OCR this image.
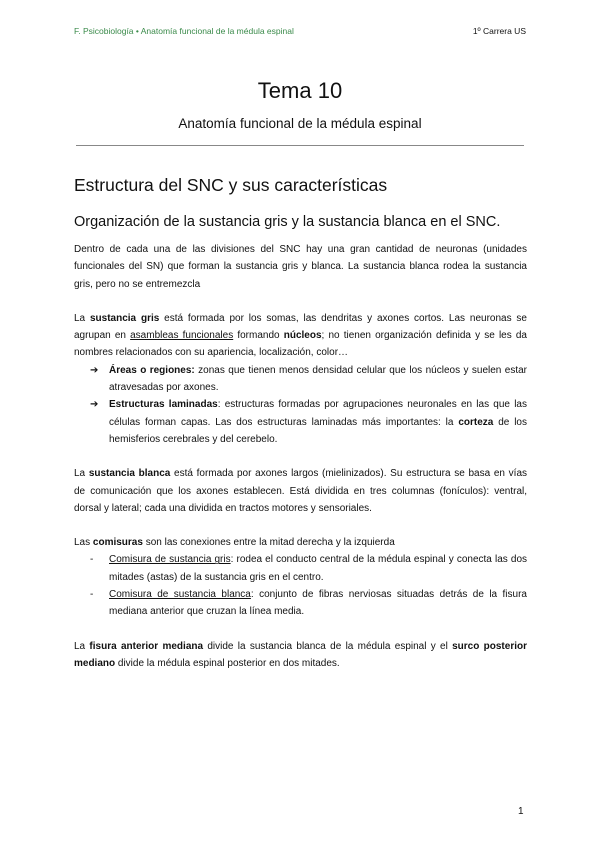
F. Psicobiología • Anatomía funcional de la médula espinal	1º Carrera US
Tema 10
Anatomía funcional de la médula espinal
Estructura del SNC y sus características
Organización de la sustancia gris y la sustancia blanca en el SNC.

Dentro de cada una de las divisiones del SNC hay una gran cantidad de neuronas (unidades funcionales del SN) que forman la sustancia gris y blanca. La sustancia blanca rodea la sustancia gris, pero no se entremezcla

La sustancia gris está formada por los somas, las dendritas y axones cortos. Las neuronas se agrupan en asambleas funcionales formando núcleos; no tienen organización definida y se les da nombres relacionados con su apariencia, localización, color…

➔ Áreas o regiones: zonas que tienen menos densidad celular que los núcleos y suelen estar atravesadas por axones.
➔ Estructuras laminadas: estructuras formadas por agrupaciones neuronales en las que las células forman capas. Las dos estructuras laminadas más importantes: la corteza de los hemisferios cerebrales y del cerebelo.

La sustancia blanca está formada por axones largos (mielinizados). Su estructura se basa en vías de comunicación que los axones establecen. Está dividida en tres columnas (fonículos): ventral, dorsal y lateral; cada una dividida en tractos motores y sensoriales.

Las comisuras son las conexiones entre la mitad derecha y la izquierda

- Comisura de sustancia gris: rodea el conducto central de la médula espinal y conecta las dos mitades (astas) de la sustancia gris en el centro.
- Comisura de sustancia blanca: conjunto de fibras nerviosas situadas detrás de la fisura mediana anterior que cruzan la línea media.

La fisura anterior mediana divide la sustancia blanca de la médula espinal y el surco posterior mediano divide la médula espinal posterior en dos mitades.

1
